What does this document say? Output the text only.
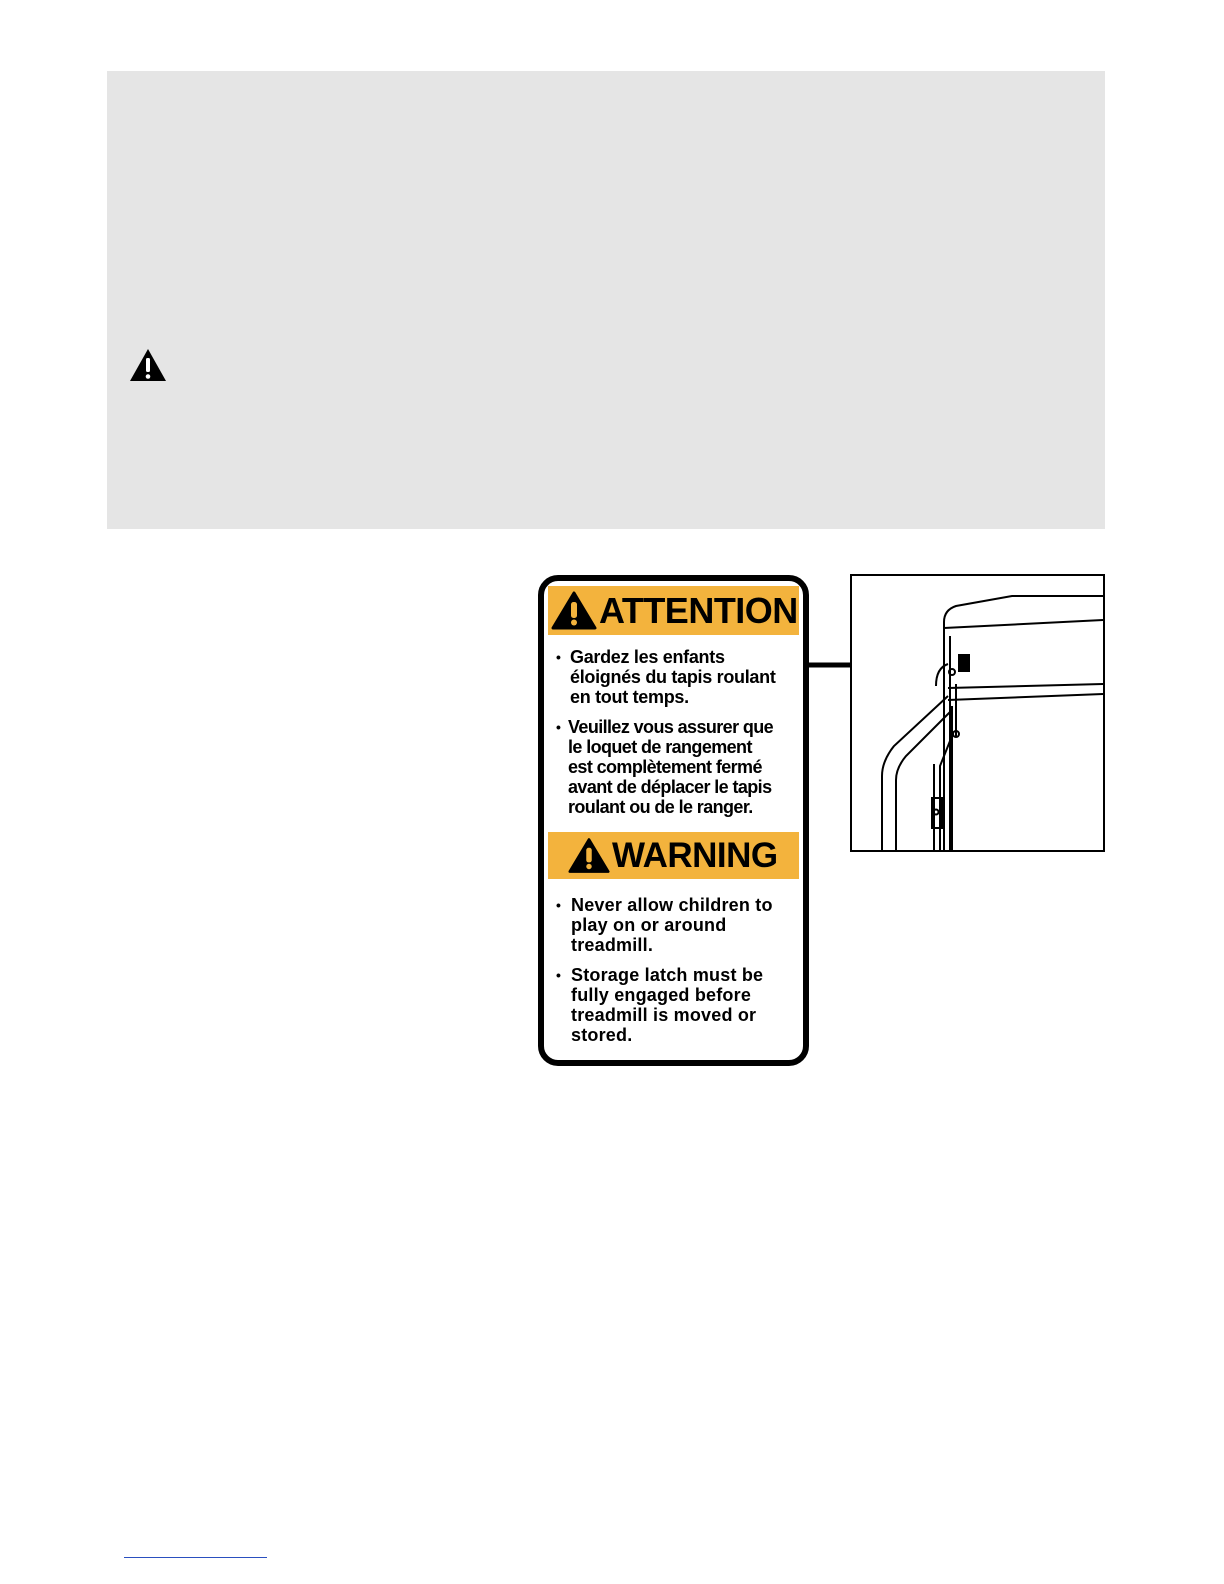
ATTENTION
• Gardez les enfants
éloignés du tapis roulant
en tout temps.
• Veuillez vous assurer que
le loquet de rangement
est complètement fermé
avant de déplacer le tapis
roulant ou de le ranger.
WARNING
• Never allow children to
play on or around
treadmill.
• Storage latch must be
fully engaged before
treadmill is moved or
stored.
